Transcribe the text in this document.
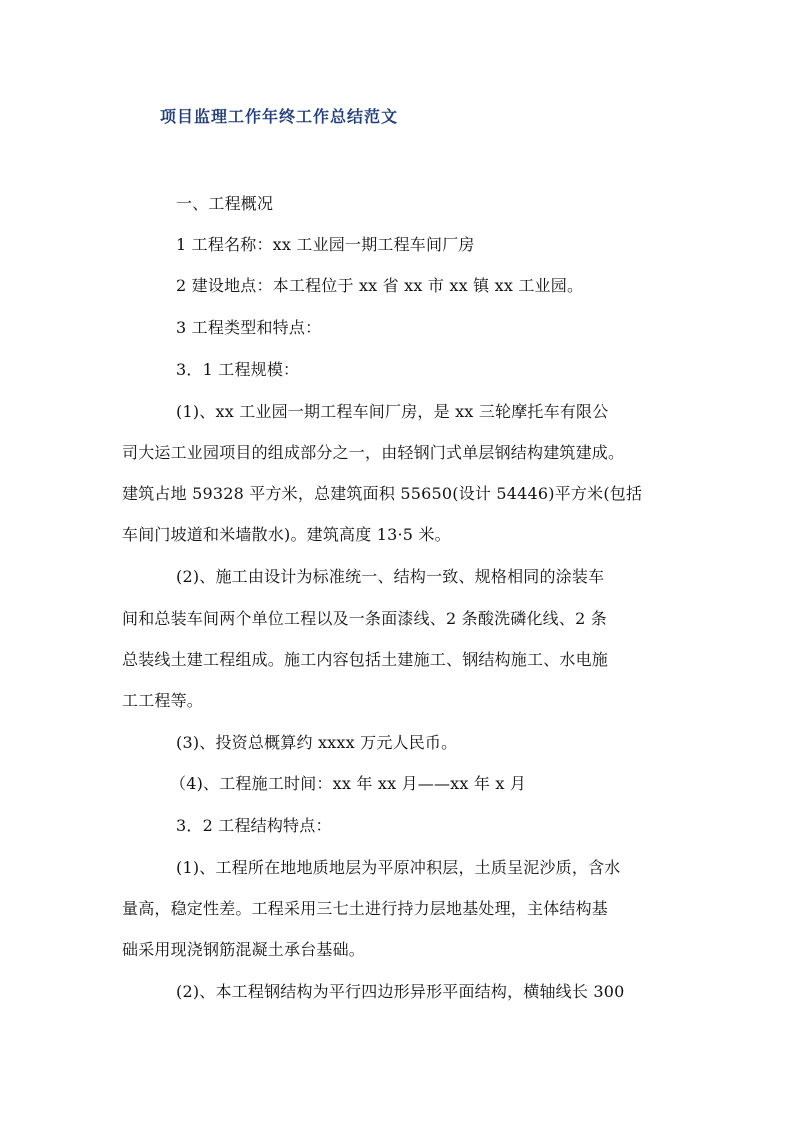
项目监理工作年终工作总结范文
一、工程概况
1 工程名称：xx 工业园一期工程车间厂房
2 建设地点：本工程位于 xx 省 xx 市 xx 镇 xx 工业园。
3 工程类型和特点：
3．1 工程规模：
(1)、xx 工业园一期工程车间厂房，是 xx 三轮摩托车有限公
司大运工业园项目的组成部分之一，由轻钢门式单层钢结构建筑建成。
建筑占地 59328 平方米，总建筑面积 55650(设计 54446)平方米(包括
车间门坡道和米墙散水)。建筑高度 13·5 米。
(2)、施工由设计为标准统一、结构一致、规格相同的涂装车
间和总装车间两个单位工程以及一条面漆线、2 条酸洗磷化线、2 条
总装线土建工程组成。施工内容包括土建施工、钢结构施工、水电施
工工程等。
(3)、投资总概算约 xxxx 万元人民币。
（4)、工程施工时间：xx 年 xx 月——xx 年 x 月
3．2 工程结构特点：
(1)、工程所在地地质地层为平原冲积层，土质呈泥沙质，含水
量高，稳定性差。工程采用三七土进行持力层地基处理，主体结构基
础采用现浇钢筋混凝土承台基础。
(2)、本工程钢结构为平行四边形异形平面结构，横轴线长 300
